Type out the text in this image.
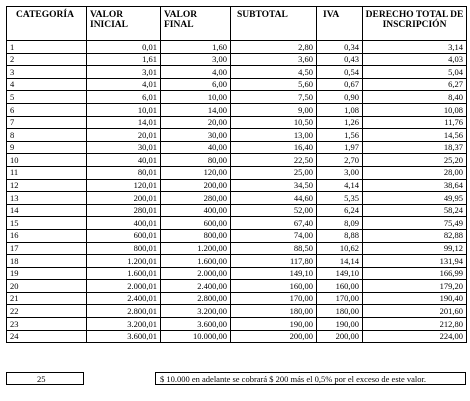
CATEGORÍA	VALOR INICIAL	VALOR FINAL	SUBTOTAL	IVA	DERECHO TOTAL DE INSCRIPCIÓN
1	0,01	1,60	2,80	0,34	3,14
2	1,61	3,00	3,60	0,43	4,03
3	3,01	4,00	4,50	0,54	5,04
4	4,01	6,00	5,60	0,67	6,27
5	6,01	10,00	7,50	0,90	8,40
6	10,01	14,00	9,00	1,08	10,08
7	14,01	20,00	10,50	1,26	11,76
8	20,01	30,00	13,00	1,56	14,56
9	30,01	40,00	16,40	1,97	18,37
10	40,01	80,00	22,50	2,70	25,20
11	80,01	120,00	25,00	3,00	28,00
12	120,01	200,00	34,50	4,14	38,64
13	200,01	280,00	44,60	5,35	49,95
14	280,01	400,00	52,00	6,24	58,24
15	400,01	600,00	67,40	8,09	75,49
16	600,01	800,00	74,00	8,88	82,88
17	800,01	1.200,00	88,50	10,62	99,12
18	1.200,01	1.600,00	117,80	14,14	131,94
19	1.600,01	2.000,00	149,10	149,10	166,99
20	2.000,01	2.400,00	160,00	160,00	179,20
21	2.400,01	2.800,00	170,00	170,00	190,40
22	2.800,01	3.200,00	180,00	180,00	201,60
23	3.200,01	3.600,00	190,00	190,00	212,80
24	3.600,01	10.000,00	200,00	200,00	224,00
25	$ 10.000 en adelante se cobrará $ 200 más el 0,5% por el exceso de este valor.
